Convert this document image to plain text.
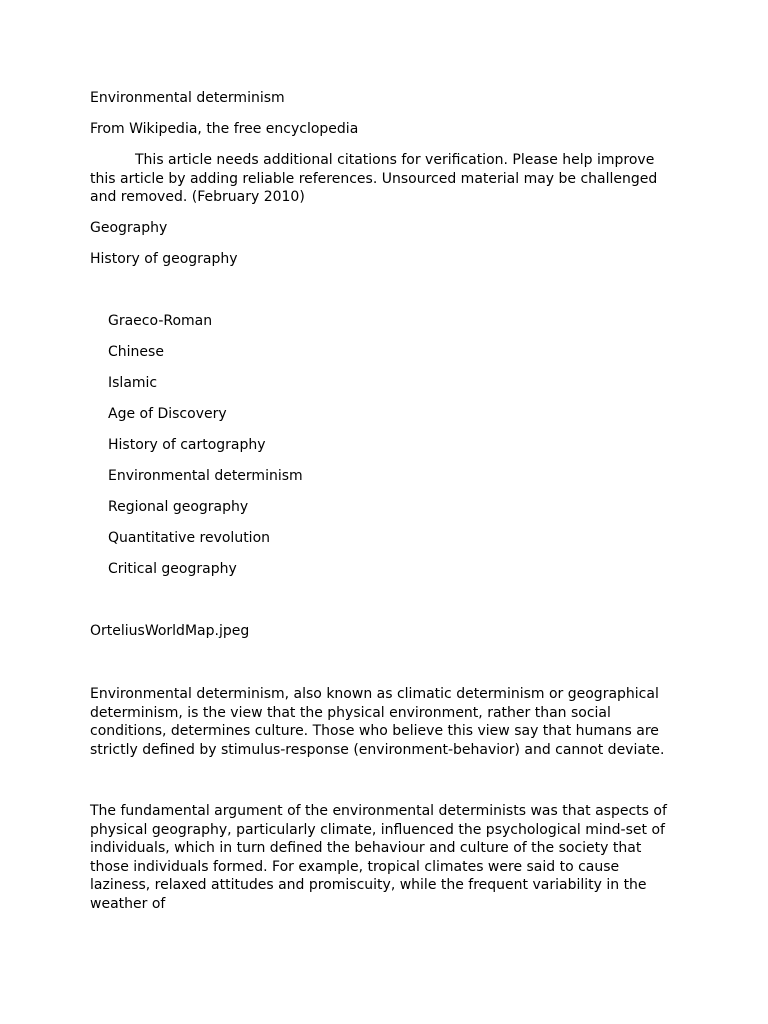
Environmental determinism
From Wikipedia, the free encyclopedia
This article needs additional citations for verification. Please help improve this article by adding reliable references. Unsourced material may be challenged and removed. (February 2010)
Geography
History of geography
Graeco-Roman
Chinese
Islamic
Age of Discovery
History of cartography
Environmental determinism
Regional geography
Quantitative revolution
Critical geography
OrteliusWorldMap.jpeg
Environmental determinism, also known as climatic determinism or geographical determinism, is the view that the physical environment, rather than social conditions, determines culture. Those who believe this view say that humans are strictly defined by stimulus-response (environment-behavior) and cannot deviate.
The fundamental argument of the environmental determinists was that aspects of physical geography, particularly climate, influenced the psychological mind-set of individuals, which in turn defined the behaviour and culture of the society that those individuals formed. For example, tropical climates were said to cause laziness, relaxed attitudes and promiscuity, while the frequent variability in the weather of
